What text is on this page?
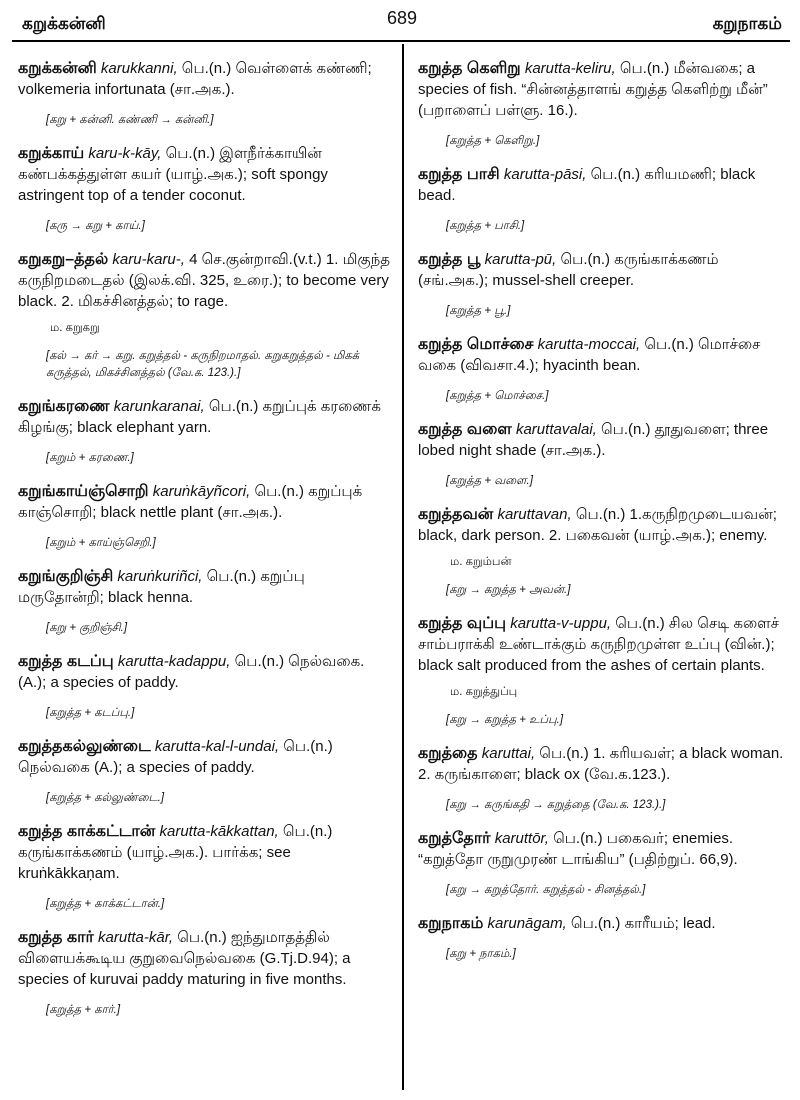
கறுக்கன்னி	689	கறுநாகம்

கறுக்கன்னி karukkanni, பெ.(n.) வெள்ளைக் கண்ணி; volkemeria infortunata (சா.அக.).

[கறு + கன்னி. கண்ணி → கன்னி.]

கறுக்காய் karu-k-kāy, பெ.(n.) இளநீர்க்காயின் கண்பக்கத்துள்ள கயர் (யாழ்.அக.); soft spongy astringent top of a tender coconut.

[கரு → கறு + காய்.]

கறுகறு–த்தல் karu-karu-, 4 செ.குன்றாவி.(v.t.) 1. மிகுந்த கருநிறமடைதல் (இலக்.வி. 325, உரை.); to become very black. 2. மிகச்சினத்தல்; to rage.

ம. கறுகறு
[கல் → கர் → கறு. கறுத்தல் - கருநிறமாதல். கறுகறுத்தல் - மிகக் கருத்தல், மிகச்சினத்தல் (வே.க. 123.).]

கறுங்கரணை karunkaranai, பெ.(n.) கறுப்புக் கரணைக் கிழங்கு; black elephant yarn.

[கறும் + கரணை.]

கறுங்காய்ஞ்சொறி karuṅkāyñcori, பெ.(n.) கறுப்புக் காஞ்சொறி; black nettle plant (சா.அக.).

[கறும் + காய்ஞ்செறி.]

கறுங்குறிஞ்சி karuṅkuriñci, பெ.(n.) கறுப்பு மருதோன்றி; black henna.

[கறு + குறிஞ்சி.]

கறுத்த கடப்பு karutta-kadappu, பெ.(n.) நெல்வகை. (A.); a species of paddy.

[கறுத்த + கடப்பு.]

கறுத்தகல்லுண்டை karutta-kal-l-undai, பெ.(n.) நெல்வகை (A.); a species of paddy.

[கறுத்த + கல்லுண்டை.]

கறுத்த காக்கட்டான் karutta-kākkattan, பெ.(n.) கருங்காக்கணம் (யாழ்.அக.). பார்க்க; see kruṅkākkaṇam.

[கறுத்த + காக்கட்டான்.]

கறுத்த கார் karutta-kār, பெ.(n.) ஐந்துமாதத்தில் விளையக்கூடிய குறுவைநெல்வகை (G.Tj.D.94); a species of kuruvai paddy maturing in five months.

[கறுத்த + கார்.]

கறுத்த கெளிறு karutta-keliru, பெ.(n.) மீன்வகை; a species of fish. “சின்னத்தாளங் கறுத்த கெளிற்று மீன்” (பறாளைப் பள்ளு. 16.).

[கறுத்த + கெளிறு.]

கறுத்த பாசி karutta-pāsi, பெ.(n.) கரியமணி; black bead.

[கறுத்த + பாசி.]

கறுத்த பூ karutta-pū, பெ.(n.) கருங்காக்கணம் (சங்.அக.); mussel-shell creeper.

[கறுத்த + பூ.]

கறுத்த மொச்சை karutta-moccai, பெ.(n.) மொச்சை வகை (விவசா.4.); hyacinth bean.

[கறுத்த + மொச்சை.]

கறுத்த வளை karuttavalai, பெ.(n.) தூதுவளை; three lobed night shade (சா.அக.).

[கறுத்த + வளை.]

கறுத்தவன் karuttavan, பெ.(n.) 1.கருநிறமுடையவன்; black, dark person. 2. பகைவன் (யாழ்.அக.); enemy.

ம. கறும்பன்
[கறு → கறுத்த + அவன்.]

கறுத்த வுப்பு karutta-v-uppu, பெ.(n.) சில செடி களைச் சாம்பராக்கி உண்டாக்கும் கருநிறமுள்ள உப்பு (வின்.); black salt produced from the ashes of certain plants.

ம. கறுத்துப்பு
[கறு → கறுத்த + உப்பு.]

கறுத்தை karuttai, பெ.(n.) 1. கரியவள்; a black woman. 2. கருங்காளை; black ox (வே.க.123.).

[கறு → கருங்கதி → கறுத்தை (வே.க. 123.).]

கறுத்தோர் karuttōr, பெ.(n.) பகைவர்; enemies. “கறுத்தோ ருறுமுரண் டாங்கிய” (பதிற்றுப். 66,9).

[கறு → கறுத்தோர். கறுத்தல் - சினத்தல்.]

கறுநாகம் karunāgam, பெ.(n.) காரீயம்; lead.

[கறு + நாகம்.]
